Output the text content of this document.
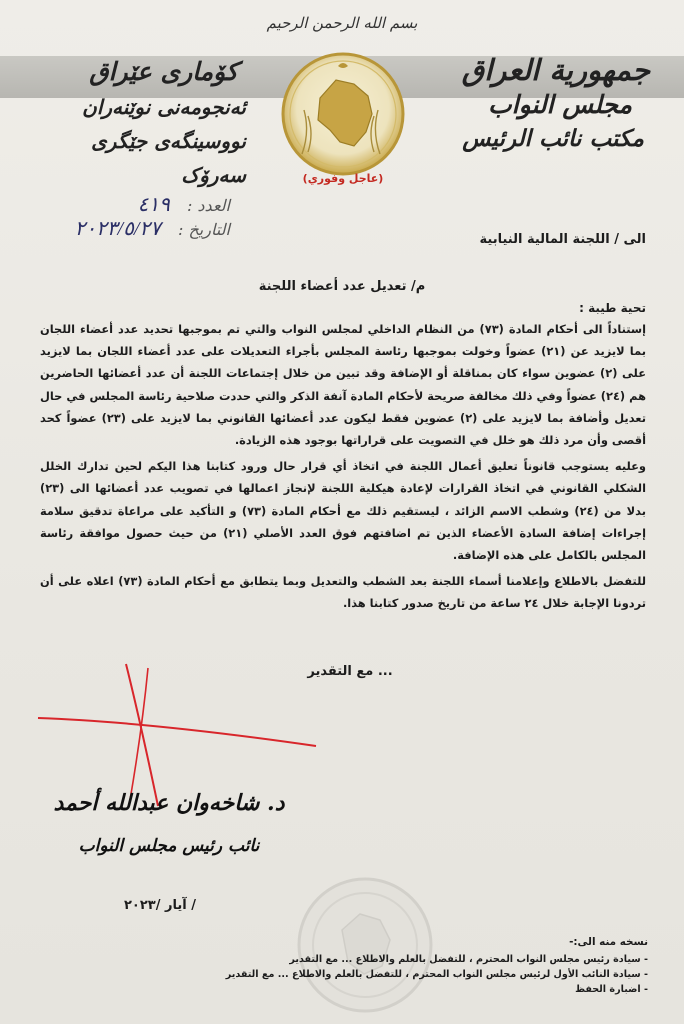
بسم الله الرحمن الرحيم
جمهورية العراق
مجلس النواب
مكتب نائب الرئيس
كۆماری عێراق
ئەنجومەنی نوێنەران
نووسینگەی جێگری سەرۆک	(عاجل وفوري)
العدد : ٤١٩
التاريخ : ٢٠٢٣/٥/٢٧	الى / اللجنة المالية النيابية
م/ تعديل عدد أعضاء اللجنة
تحية طيبة :

إستناداً الى أحكام المادة (٧٣) من النظام الداخلي لمجلس النواب والتي تم بموجبها تحديد عدد أعضاء اللجان بما لايزيد عن (٢١) عضواً وخولت بموجبها رئاسة المجلس بأجراء التعديلات على عدد أعضاء اللجان بما لايزيد على (٢) عضوين سواء كان بمناقلة أو الإضافة وقد تبين من خلال إجتماعات اللجنة أن عدد أعضائها الحاضرين هم (٢٤) عضواً وفي ذلك مخالفة صريحة لأحكام المادة آنفة الذكر والتي حددت صلاحية رئاسة المجلس في حال تعديل وأضافة بما لايزيد على (٢) عضوين فقط ليكون عدد أعضائها القانوني بما لايزيد على (٢٣) عضواً كحد أقصى وأن مرد ذلك هو خلل في التصويت على قراراتها بوجود هذه الزيادة.

وعليه يستوجب قانوناً تعليق أعمال اللجنة في اتخاذ أي قرار حال ورود كتابنا هذا اليكم لحين تدارك الخلل الشكلي القانوني في اتخاذ القرارات لإعادة هيكلية اللجنة لإنجاز اعمالها في تصويب عدد أعضائها الى (٢٣) بدلا من (٢٤) وشطب الاسم الزائد ، ليستقيم ذلك مع أحكام المادة (٧٣) و التأكيد على مراعاة تدقيق سلامة إجراءات إضافة السادة الأعضاء الذين تم اضافتهم فوق العدد الأصلي (٢١) من حيث حصول موافقة رئاسة المجلس بالكامل على هذه الإضافة.

للتفضل بالاطلاع وإعلامنا أسماء اللجنة بعد الشطب والتعديل وبما يتطابق مع أحكام المادة (٧٣) اعلاه على أن تردونا الإجابة خلال ٢٤ ساعة من تاريخ صدور كتابنا هذا.

... مع التقدير
د. شاخەوان عبدالله أحمد
نائب رئيس مجلس النواب
/ آيار /٢٠٢٣
نسخه منه الى:-
- سيادة رئيس مجلس النواب المحترم ، للتفضل بالعلم والاطلاع ... مع التقدير
- سيادة النائب الأول لرئيس مجلس النواب المحترم ، للتفضل بالعلم والاطلاع ... مع التقدير
- اضبارة الحفظ
